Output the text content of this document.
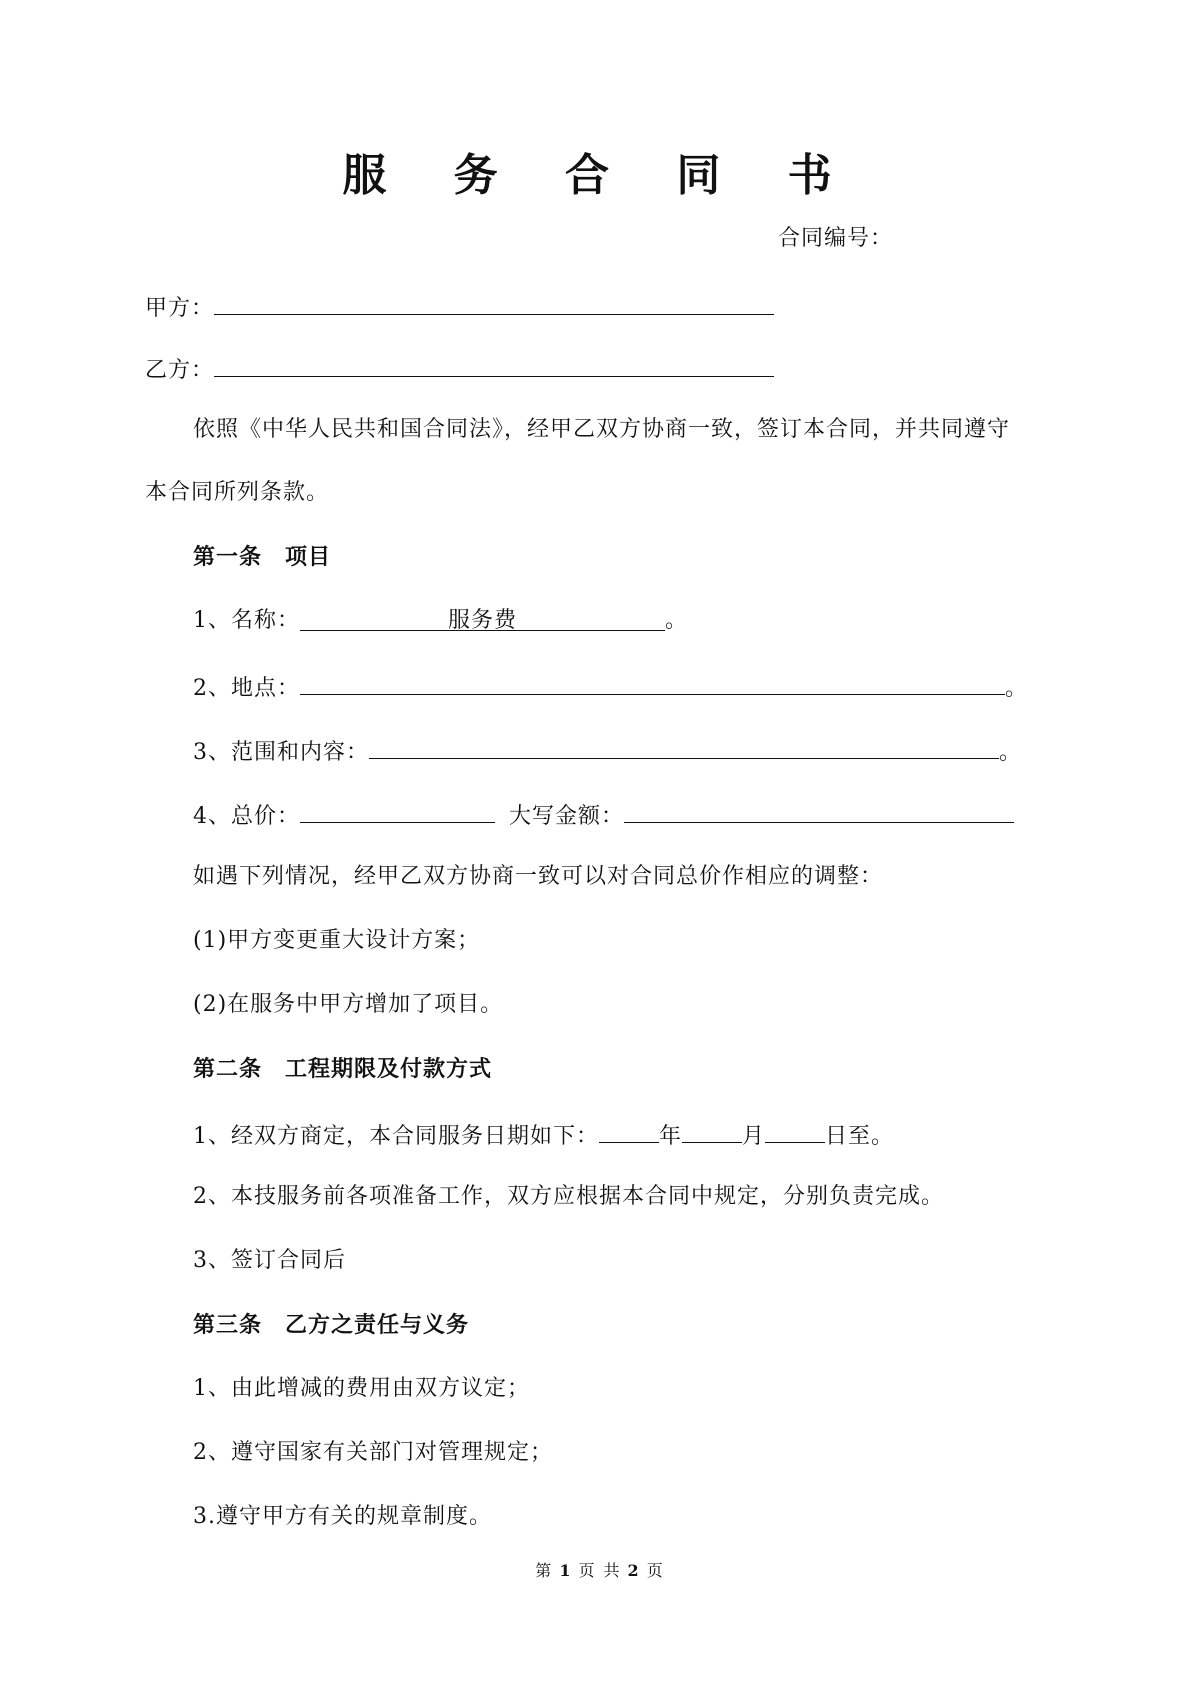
服 务 合 同 书
合同编号：
甲方：
乙方：
依照《中华人民共和国合同法》，经甲乙双方协商一致，签订本合同，并共同遵守
本合同所列条款。
第一条　项目
1、名称：	服务费	。
2、地点：	。
3、范围和内容：	。
4、总价：	大写金额：
如遇下列情况，经甲乙双方协商一致可以对合同总价作相应的调整：
(1)甲方变更重大设计方案；
(2)在服务中甲方增加了项目。
第二条　工程期限及付款方式
1、经双方商定，本合同服务日期如下：	年	月	日至。
2、本技服务前各项准备工作，双方应根据本合同中规定，分别负责完成。
3、签订合同后
第三条　乙方之责任与义务
1、由此增减的费用由双方议定；
2、遵守国家有关部门对管理规定；
3.遵守甲方有关的规章制度。
第 1 页 共 2 页
